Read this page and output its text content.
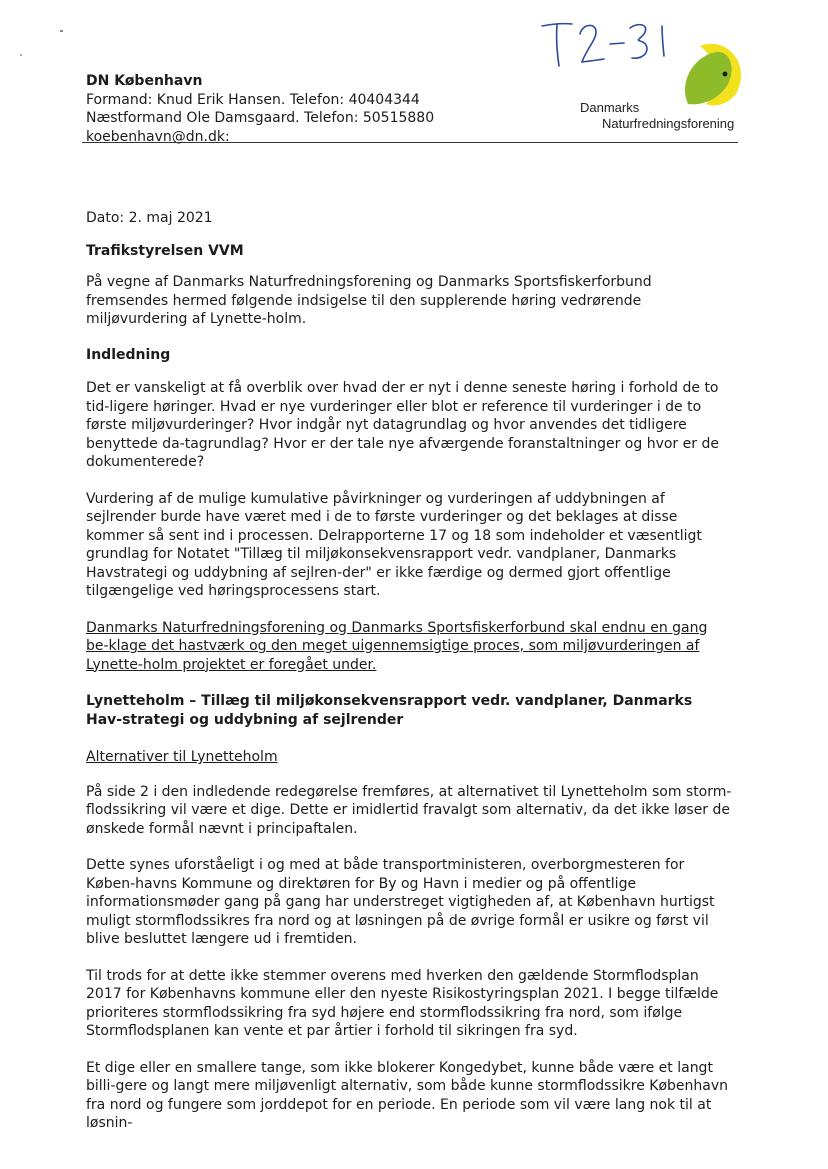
DN København
Formand: Knud Erik Hansen. Telefon: 40404344
Næstformand Ole Damsgaard. Telefon: 50515880
koebenhavn@dn.dk:
Danmarks
Naturfredningsforening

Dato: 2. maj 2021

Trafikstyrelsen VVM

På vegne af Danmarks Naturfredningsforening og Danmarks Sportsfiskerforbund fremsendes hermed følgende indsigelse til den supplerende høring vedrørende miljøvurdering af Lynette-holm.

Indledning

Det er vanskeligt at få overblik over hvad der er nyt i denne seneste høring i forhold de to tid-ligere høringer. Hvad er nye vurderinger eller blot er reference til vurderinger i de to første miljøvurderinger? Hvor indgår nyt datagrundlag og hvor anvendes det tidligere benyttede da-tagrundlag? Hvor er der tale nye afværgende foranstaltninger og hvor er de dokumenterede?

Vurdering af de mulige kumulative påvirkninger og vurderingen af uddybningen af sejlrender burde have været med i de to første vurderinger og det beklages at disse kommer så sent ind i processen. Delrapporterne 17 og 18 som indeholder et væsentligt grundlag for Notatet "Tillæg til miljøkonsekvensrapport vedr. vandplaner, Danmarks Havstrategi og uddybning af sejlren-der" er ikke færdige og dermed gjort offentlige tilgængelige ved høringsprocessens start.

Danmarks Naturfredningsforening og Danmarks Sportsfiskerforbund skal endnu en gang be-klage det hastværk og den meget uigennemsigtige proces, som miljøvurderingen af Lynette-holm projektet er foregået under.

Lynetteholm – Tillæg til miljøkonsekvensrapport vedr. vandplaner, Danmarks Hav-strategi og uddybning af sejlrender

Alternativer til Lynetteholm

På side 2 i den indledende redegørelse fremføres, at alternativet til Lynetteholm som storm-flodssikring vil være et dige. Dette er imidlertid fravalgt som alternativ, da det ikke løser de ønskede formål nævnt i principaftalen.

Dette synes uforståeligt i og med at både transportministeren, overborgmesteren for Køben-havns Kommune og direktøren for By og Havn i medier og på offentlige informationsmøder gang på gang har understreget vigtigheden af, at København hurtigst muligt stormflodssikres fra nord og at løsningen på de øvrige formål er usikre og først vil blive besluttet længere ud i fremtiden.

Til trods for at dette ikke stemmer overens med hverken den gældende Stormflodsplan 2017 for Københavns kommune eller den nyeste Risikostyringsplan 2021. I begge tilfælde prioriteres stormflodssikring fra syd højere end stormflodssikring fra nord, som ifølge Stormflodsplanen kan vente et par årtier i forhold til sikringen fra syd.

Et dige eller en smallere tange, som ikke blokerer Kongedybet, kunne både være et langt billi-gere og langt mere miljøvenligt alternativ, som både kunne stormflodssikre København fra nord og fungere som jorddepot for en periode. En periode som vil være lang nok til at løsnin-
